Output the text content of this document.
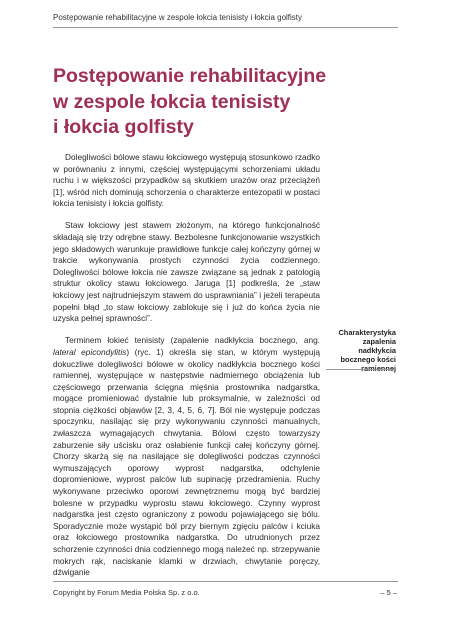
Postępowanie rehabilitacyjne w zespole łokcia tenisisty i łokcia golfisty
Postępowanie rehabilitacyjne
w zespole łokcia tenisisty
i łokcia golfisty

Dolegliwości bólowe stawu łokciowego występują stosunkowo rzadko w porównaniu z innymi, częściej występującymi schorzeniami układu ruchu i w większości przypadków są skutkiem urazów oraz przeciążeń [1], wśród nich dominują schorzenia o charakterze entezopatii w postaci łokcia tenisisty i łokcia golfisty.

Staw łokciowy jest stawem złożonym, na którego funkcjonalność składają się trzy odrębne stawy. Bezbolesne funkcjonowanie wszystkich jego składowych warunkuje prawidłowe funkcje całej kończyny górnej w trakcie wykonywania prostych czynności życia codziennego. Dolegliwości bólowe łokcia nie zawsze związane są jednak z patologią struktur okolicy stawu łokciowego. Jaruga [1] podkreśla, że „staw łokciowy jest najtrudniejszym stawem do usprawniania” i jeżeli terapeuta popełni błąd „to staw łokciowy zablokuje się i już do końca życia nie uzyska pełnej sprawności”.

Terminem łokieć tenisisty (zapalenie nadkłykcia bocznego, ang. lateral epicondylitis) (ryc. 1) określa się stan, w którym występują dokuczliwe dolegliwości bólowe w okolicy nadkłykcia bocznego kości ramiennej, występujące w następstwie nadmiernego obciążenia lub częściowego przerwania ścięgna mięśnia prostownika nadgarstka, mogące promieniować dystalnie lub proksymalnie, w zależności od stopnia ciężkości objawów [2, 3, 4, 5, 6, 7]. Ból nie występuje podczas spoczynku, nasilając się przy wykonywaniu czynności manualnych, zwłaszcza wymagających chwytania. Bólowi często towarzyszy zaburzenie siły uścisku oraz osłabienie funkcji całej kończyny górnej. Chorzy skarżą się na nasilające się dolegliwości podczas czynności wymuszających oporowy wyprost nadgarstka, odchylenie dopromieniowe, wyprost palców lub supinację przedramienia. Ruchy wykonywane przeciwko oporowi zewnętrznemu mogą być bardziej bolesne w przypadku wyprostu stawu łokciowego. Czynny wyprost nadgarstka jest często ograniczony z powodu pojawiającego się bólu. Sporadycznie może wystąpić ból przy biernym zgięciu palców i kciuka oraz łokciowego prostownika nadgarstka. Do utrudnionych przez schorzenie czynności dnia codziennego mogą należeć np. strzepywanie mokrych rąk, naciskanie klamki w drzwiach, chwytanie poręczy, dźwiganie

Charakterystyka zapalenia nadkłykcia bocznego kości ramiennej
Copyright by Forum Media Polska Sp. z o.o.	– 5 –
